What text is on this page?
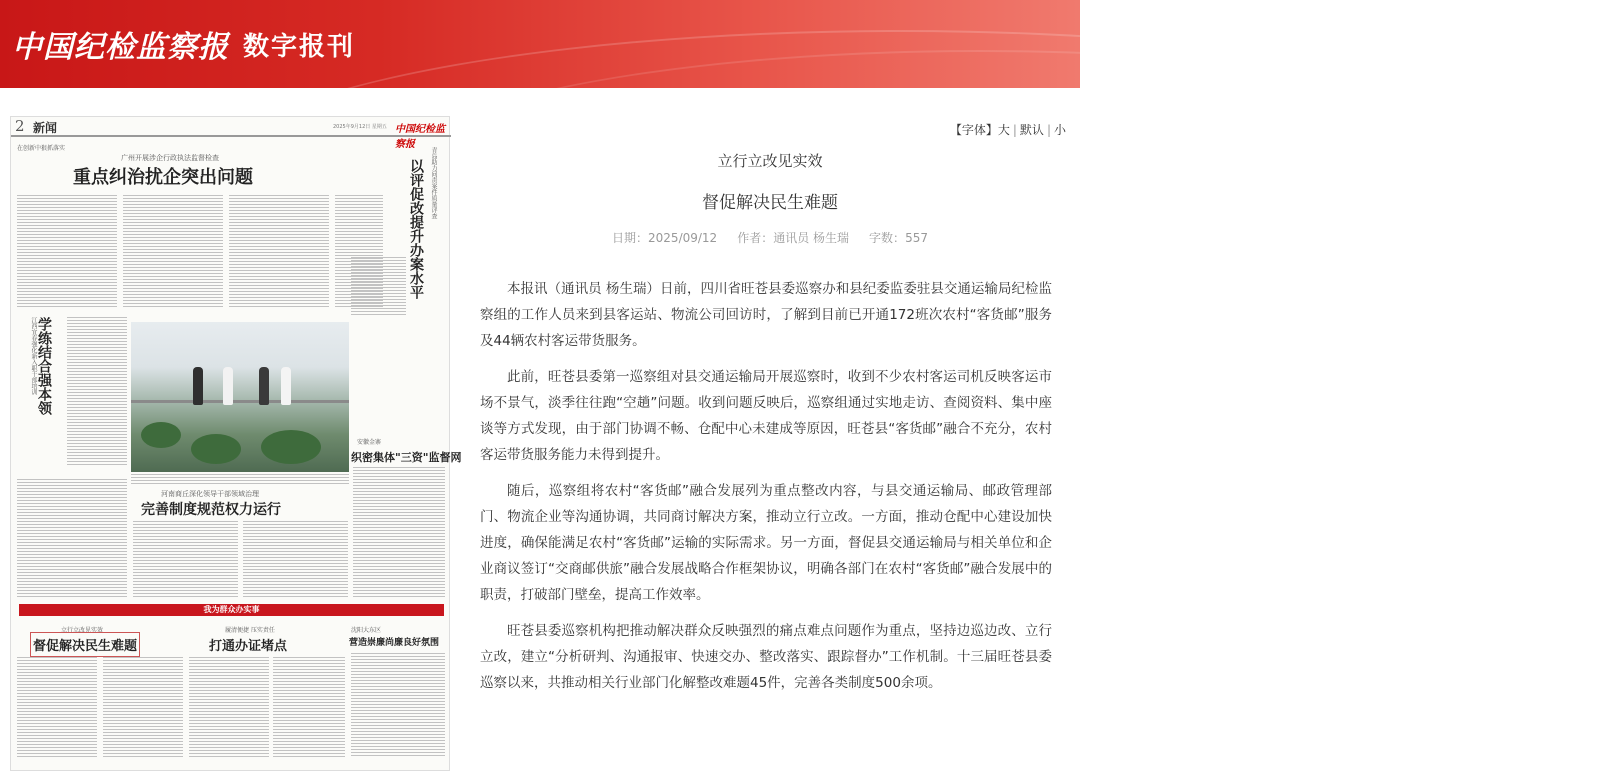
中国纪检监察报 数字报刊
2 新闻	2025年9月12日 星期五 中国纪检监察报
在创新中狠抓落实
广州开展涉企行政执法监督检查
重点纠治扰企突出问题	青岛助力问责案件质量评查
以评促改提升办案水平
江西宜春强化新入职干部培训 学练结合强本领
安徽金寨
织密集体"三资"监督网
河南商丘深化领导干部领域治理
完善制度规范权力运行
我为群众办实事
立行立改见实效
督促解决民生难题
履清便捷 压实责任
打通办证堵点
沈阳大东区
营造崇廉尚廉良好氛围
【字体】大 | 默认 | 小
立行立改见实效
督促解决民生难题
日期：2025/09/12 作者：通讯员 杨生瑞 字数：557

本报讯（通讯员 杨生瑞）日前，四川省旺苍县委巡察办和县纪委监委驻县交通运输局纪检监察组的工作人员来到县客运站、物流公司回访时，了解到目前已开通172班次农村“客货邮”服务及44辆农村客运带货服务。

此前，旺苍县委第一巡察组对县交通运输局开展巡察时，收到不少农村客运司机反映客运市场不景气，淡季往往跑“空趟”问题。收到问题反映后，巡察组通过实地走访、查阅资料、集中座谈等方式发现，由于部门协调不畅、仓配中心未建成等原因，旺苍县“客货邮”融合不充分，农村客运带货服务能力未得到提升。

随后，巡察组将农村“客货邮”融合发展列为重点整改内容，与县交通运输局、邮政管理部门、物流企业等沟通协调，共同商讨解决方案，推动立行立改。一方面，推动仓配中心建设加快进度，确保能满足农村“客货邮”运输的实际需求。另一方面，督促县交通运输局与相关单位和企业商议签订“交商邮供旅”融合发展战略合作框架协议，明确各部门在农村“客货邮”融合发展中的职责，打破部门壁垒，提高工作效率。

旺苍县委巡察机构把推动解决群众反映强烈的痛点难点问题作为重点，坚持边巡边改、立行立改，建立“分析研判、沟通报审、快速交办、整改落实、跟踪督办”工作机制。十三届旺苍县委巡察以来，共推动相关行业部门化解整改难题45件，完善各类制度500余项。
